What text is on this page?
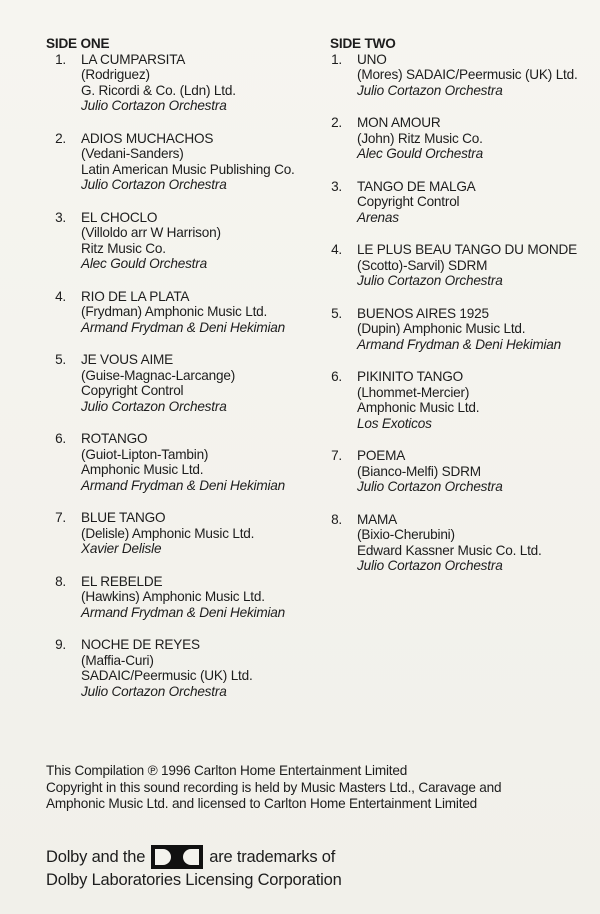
SIDE ONE
1.	LA CUMPARSITA
(Rodriguez)
G. Ricordi & Co. (Ldn) Ltd.
Julio Cortazon Orchestra
2.	ADIOS MUCHACHOS
(Vedani-Sanders)
Latin American Music Publishing Co.
Julio Cortazon Orchestra
3.	EL CHOCLO
(Villoldo arr W Harrison)
Ritz Music Co.
Alec Gould Orchestra
4.	RIO DE LA PLATA
(Frydman) Amphonic Music Ltd.
Armand Frydman & Deni Hekimian
5.	JE VOUS AIME
(Guise-Magnac-Larcange)
Copyright Control
Julio Cortazon Orchestra
6.	ROTANGO
(Guiot-Lipton-Tambin)
Amphonic Music Ltd.
Armand Frydman & Deni Hekimian
7.	BLUE TANGO
(Delisle) Amphonic Music Ltd.
Xavier Delisle
8.	EL REBELDE
(Hawkins) Amphonic Music Ltd.
Armand Frydman & Deni Hekimian
9.	NOCHE DE REYES
(Maffia-Curi)
SADAIC/Peermusic (UK) Ltd.
Julio Cortazon Orchestra
SIDE TWO
1.	UNO
(Mores) SADAIC/Peermusic (UK) Ltd.
Julio Cortazon Orchestra
2.	MON AMOUR
(John) Ritz Music Co.
Alec Gould Orchestra
3.	TANGO DE MALGA
Copyright Control
Arenas
4.	LE PLUS BEAU TANGO DU MONDE
(Scotto)-Sarvil) SDRM
Julio Cortazon Orchestra
5.	BUENOS AIRES 1925
(Dupin) Amphonic Music Ltd.
Armand Frydman & Deni Hekimian
6.	PIKINITO TANGO
(Lhommet-Mercier)
Amphonic Music Ltd.
Los Exoticos
7.	POEMA
(Bianco-Melfi) SDRM
Julio Cortazon Orchestra
8.	MAMA
(Bixio-Cherubini)
Edward Kassner Music Co. Ltd.
Julio Cortazon Orchestra
This Compilation ℗ 1996 Carlton Home Entertainment Limited
Copyright in this sound recording is held by Music Masters Ltd., Caravage and
Amphonic Music Ltd. and licensed to Carlton Home Entertainment Limited
Dolby and the	are trademarks of
Dolby Laboratories Licensing Corporation
